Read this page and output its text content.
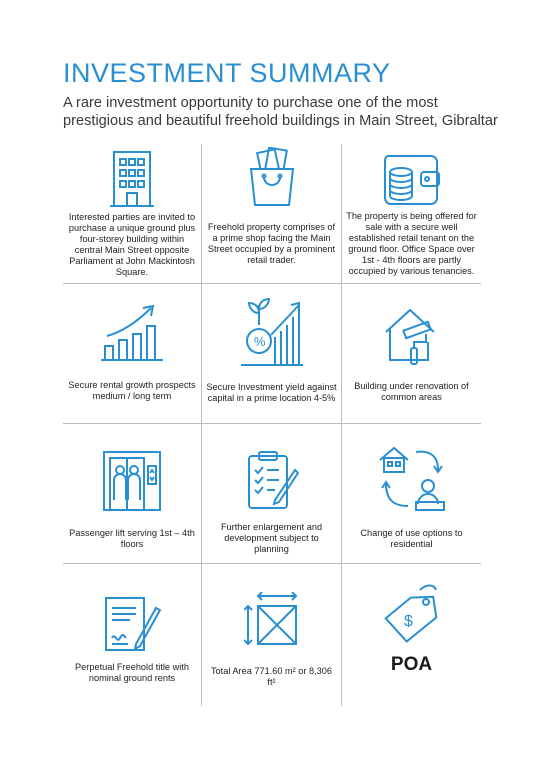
INVESTMENT SUMMARY
A rare investment opportunity to purchase one of the most prestigious and beautiful freehold buildings in Main Street, Gibraltar
Interested parties are invited to purchase a unique ground plus four-storey building within central Main Street opposite Parliament at John Mackintosh Square.
Freehold property comprises of a prime shop facing the Main Street occupied by a prominent retail trader.
The property is being offered for sale with a secure well established retail tenant on the ground floor. Office Space over 1st - 4th floors are partly occupied by various tenancies.
Secure rental growth prospects medium / long term
%
Secure Investment yield against capital in a prime location 4-5%
Building under renovation of common areas
Passenger lift serving 1st – 4th floors
Further enlargement and development subject to planning
Change of use options to residential
Perpetual Freehold title with nominal ground rents
Total Area 771.60 m² or 8,306 ft²
$
POA
